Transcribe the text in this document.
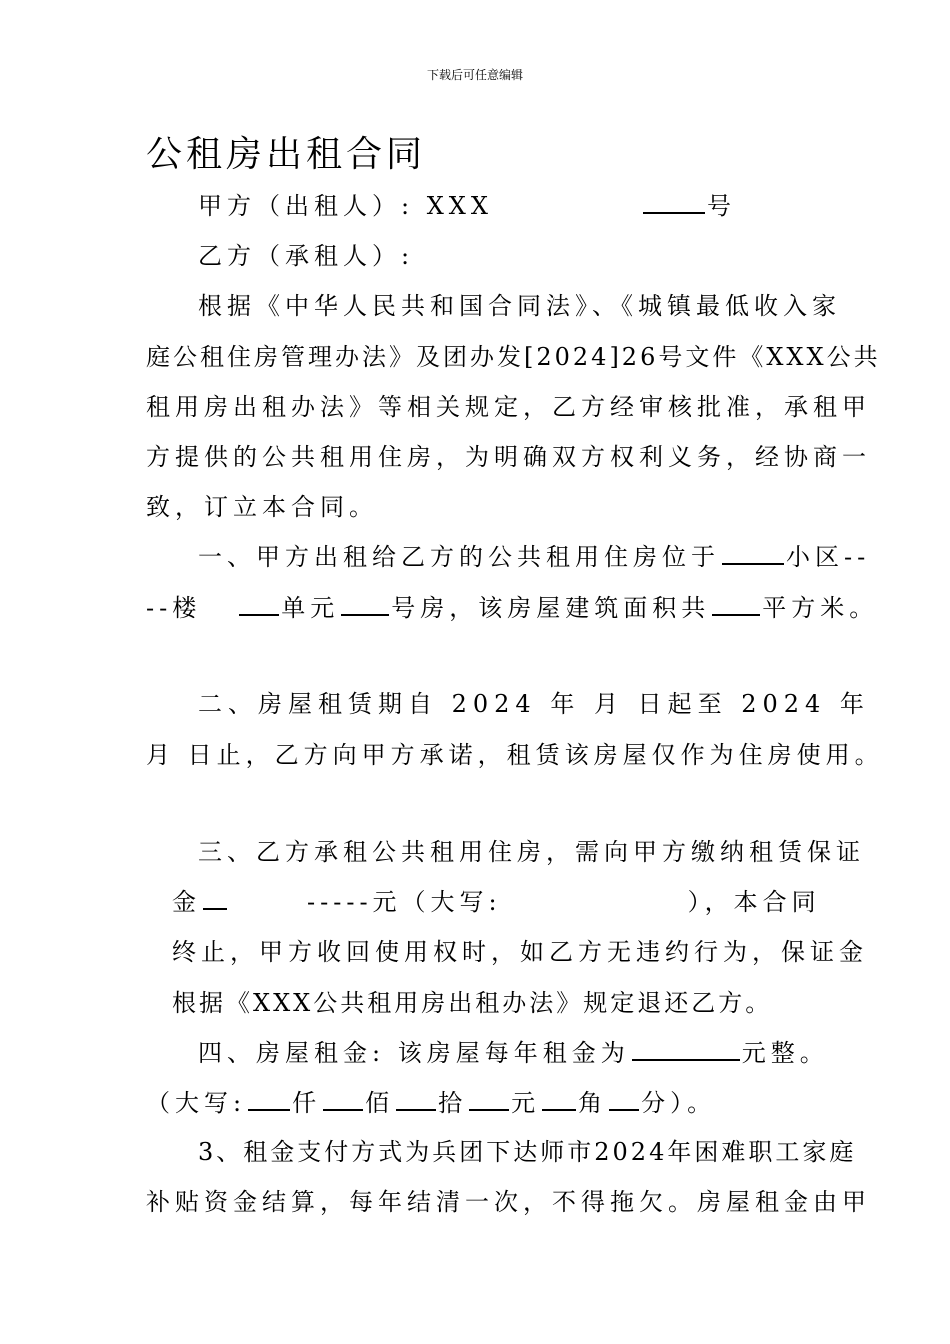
下载后可任意编辑
公租房出租合同
甲方（出租人）: XXX	号
乙方（承租人）:
根据《中华人民共和国合同法》、《城镇最低收入家
庭公租住房管理办法》及团办发[2024]26号文件《XXX公共
租用房出租办法》等相关规定，乙方经审核批准，承租甲
方提供的公共租用住房，为明确双方权利义务，经协商一
致，订立本合同。
一、甲方出租给乙方的公共租用住房位于	小区--
--楼	单元 号房，该房屋建筑面积共 平方米。
二、房屋租赁期自 2024 年 月 日起至 2024 年
月 日止，乙方向甲方承诺，租赁该房屋仅作为住房使用。
三、乙方承租公共租用住房，需向甲方缴纳租赁保证
金	-----元（大写:	），本合同
终止，甲方收回使用权时，如乙方无违约行为，保证金
根据《XXX公共租用房出租办法》规定退还乙方。
四、房屋租金: 该房屋每年租金为	元整。
（大写: 仟 佰 拾 元 角 分）。
3、租金支付方式为兵团下达师市2024年困难职工家庭
补贴资金结算，每年结清一次，不得拖欠。房屋租金由甲
